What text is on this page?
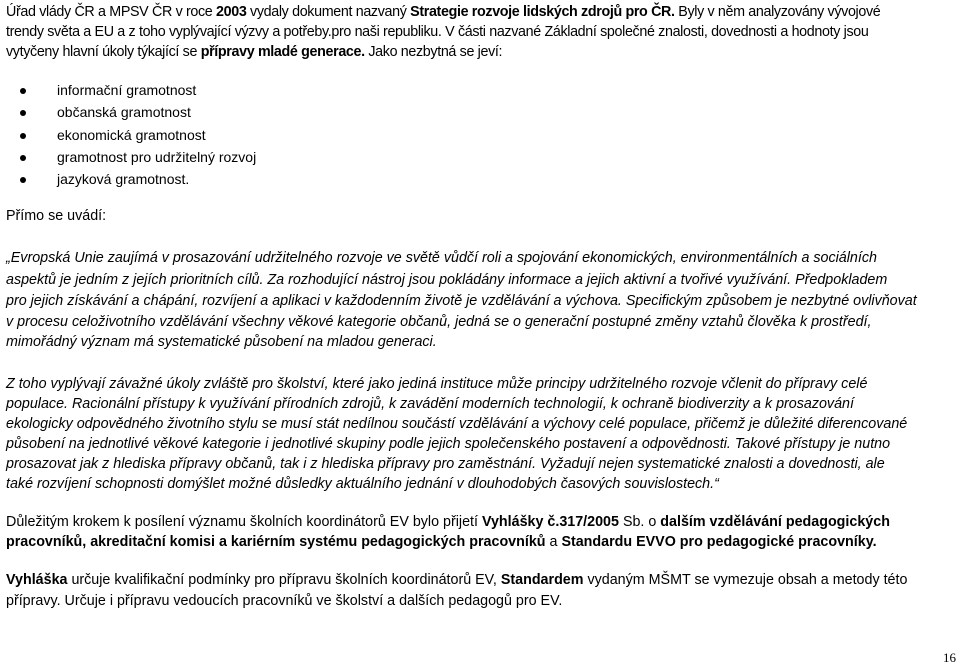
Úřad vlády ČR a MPSV ČR v roce 2003 vydaly dokument nazvaný Strategie rozvoje lidských zdrojů pro ČR. Byly v něm analyzovány vývojové
trendy světa a EU a z toho vyplývající výzvy a potřeby.pro naši republiku. V části nazvané Základní společné znalosti, dovednosti a hodnoty jsou
vytyčeny hlavní úkoly týkající se přípravy mladé generace. Jako nezbytná se jeví:
informační gramotnost
občanská gramotnost
ekonomická gramotnost
gramotnost pro udržitelný rozvoj
jazyková gramotnost.
Přímo se uvádí:
„Evropská Unie zaujímá v prosazování udržitelného rozvoje ve světě vůdčí roli a spojování ekonomických, environmentálních a sociálních
aspektů je jedním z jejích prioritních cílů. Za rozhodující nástroj jsou pokládány informace a jejich aktivní a tvořivé využívání. Předpokladem
pro jejich získávání a chápání, rozvíjení a aplikaci v každodenním životě je vzdělávání a výchova. Specifickým způsobem je nezbytné ovlivňovat
v procesu celoživotního vzdělávání všechny věkové kategorie občanů, jedná se o generační postupné změny vztahů člověka k prostředí,
mimořádný význam má systematické působení na mladou generaci.
Z toho vyplývají závažné úkoly zvláště pro školství, které jako jediná instituce může principy udržitelného rozvoje včlenit do přípravy celé
populace. Racionální přístupy k využívání přírodních zdrojů, k zavádění moderních technologií, k ochraně biodiverzity a k prosazování
ekologicky odpovědného životního stylu se musí stát nedílnou součástí vzdělávání a výchovy celé populace, přičemž je důležité diferencované
působení na jednotlivé věkové kategorie i jednotlivé skupiny podle jejich společenského postavení a odpovědnosti. Takové přístupy je nutno
prosazovat jak z hlediska přípravy občanů, tak i z hlediska přípravy pro zaměstnání. Vyžadují nejen systematické znalosti a dovednosti, ale
také rozvíjení schopnosti domýšlet možné důsledky aktuálního jednání v dlouhodobých časových souvislostech.“
Důležitým krokem k posílení významu školních koordinátorů EV bylo přijetí Vyhlášky č.317/2005 Sb. o dalším vzdělávání pedagogických
pracovníků, akreditační komisi a kariérním systému pedagogických pracovníků a Standardu EVVO pro pedagogické pracovníky.
Vyhláška určuje kvalifikační podmínky pro přípravu školních koordinátorů EV, Standardem vydaným MŠMT se vymezuje obsah a metody této
přípravy. Určuje i přípravu vedoucích pracovníků ve školství a dalších pedagogů pro EV.
16
